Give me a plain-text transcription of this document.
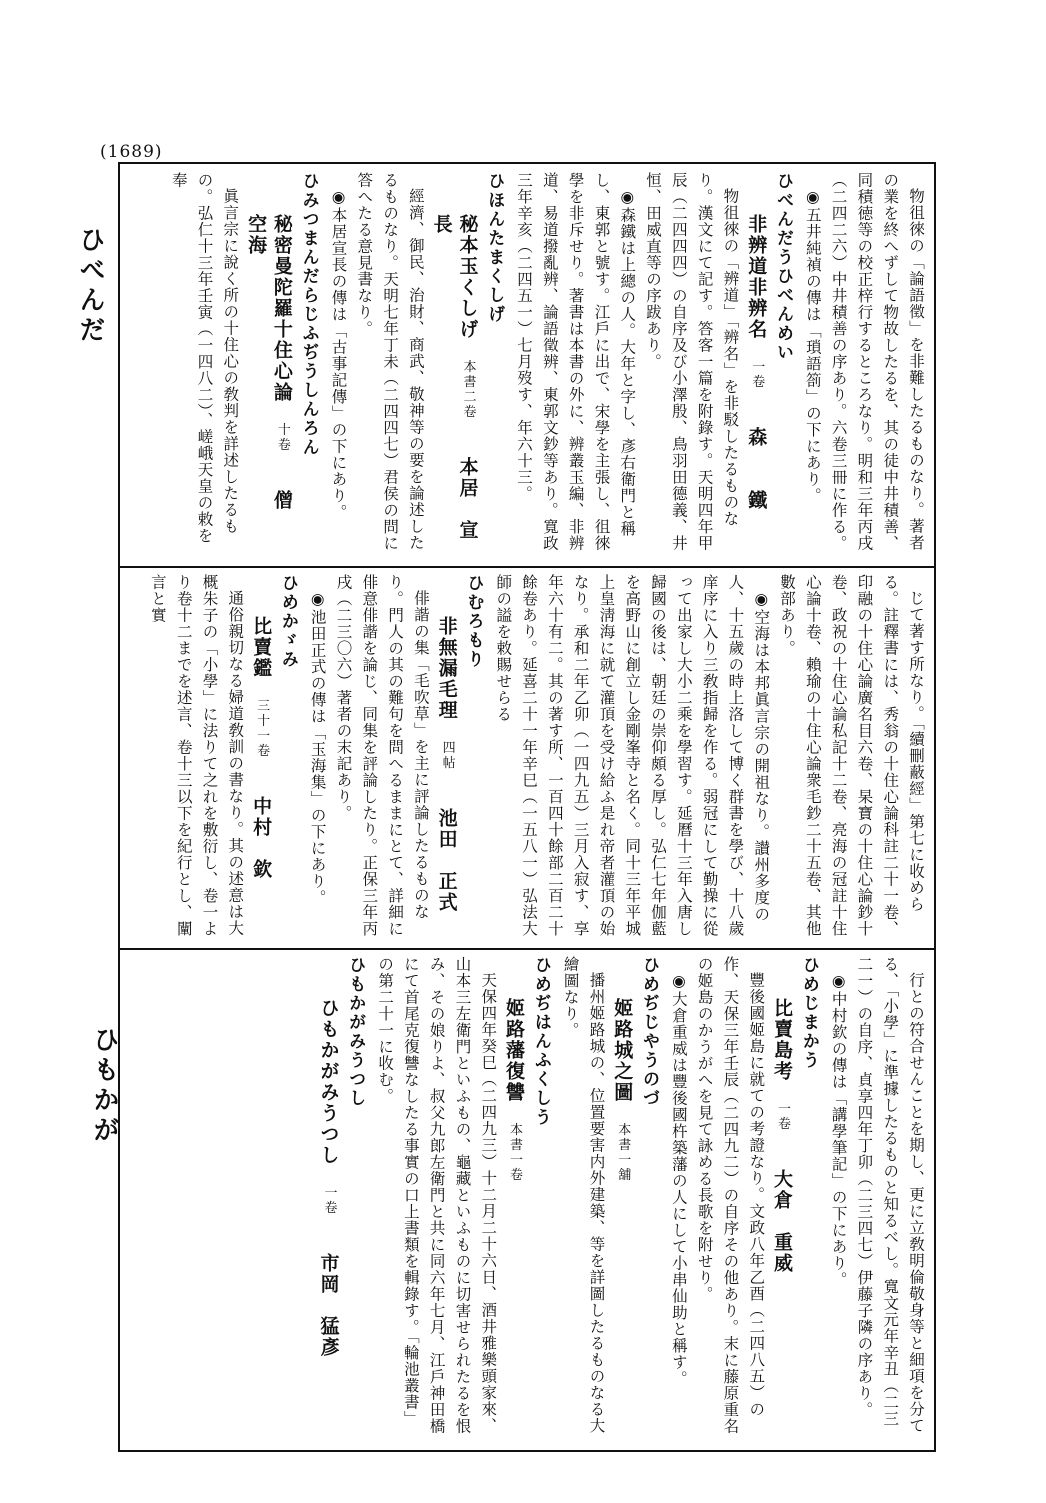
(1689)
ひべんだ
ひもかが
物徂徠の「論語徵」を非難したるものなり。著者の業を終へずして物故したるを、其の徒中井積善、同積徳等の校正梓行するところなり。明和三年丙戌（二四二六）中井積善の序あり。六卷三冊に作る。
◉五井純禎の傳は「瑣語箚」の下にあり。
ひべんだうひべんめい
非辨道非辨名一卷森　　鐵
物徂徠の「辨道」「辨名」を非駁したるものなり。漢文にて記す。答客一篇を附錄す。天明四年甲辰（二四四四）の自序及び小澤殷、鳥羽田德義、井恒、田威直等の序跋あり。
◉森鐵は上總の人。大年と字し、彥右衛門と稱し、東郭と號す。江戶に出で、宋學を主張し、徂徠學を非斥せり。著書は本書の外に、辨叢玉編、非辨道、易道撥亂辨、論語徵辨、東郭文鈔等あり。寬政三年辛亥（二四五一）七月歿す、年六十三。
ひほんたまくしげ
秘本玉くしげ本書二卷本居　宣長
經濟、御民、治財、商武、敬神等の要を論述したるものなり。天明七年丁未（二四四七）君侯の問に答へたる意見書なり。
◉本居宣長の傳は「古事記傳」の下にあり。
ひみつまんだらじふぢうしんろん
秘密曼陀羅十住心論十卷僧　　空海
眞言宗に說く所の十住心の敎判を詳述したるもの。弘仁十三年壬寅（一四八二）、嵯峨天皇の敕を奉
じて著す所なり。「續刪蔽經」第七に收めらる。註釋書には、秀翁の十住心論科註二十一卷、印融の十住心論廣名目六卷、杲寶の十住心論鈔十卷、政祝の十住心論私記十二卷、亮海の冠註十住心論十卷、賴瑜の十住心論衆毛鈔二十五卷、其他數部あり。
◉空海は本邦眞言宗の開祖なり。讃州多度の人、十五歲の時上洛して博く群書を學び、十八歲庠序に入り三敎指歸を作る。弱冠にして勤操に從って出家し大小二乘を學習す。延曆十三年入唐し歸國の後は、朝廷の崇仰頗る厚し。弘仁七年伽藍を高野山に創立し金剛峯寺と名く。同十三年平城上皇淸海に就て灌頂を受け給ふ是れ帝者灌頂の始なり。承和二年乙卯（一四九五）三月入寂す、享年六十有二。其の著す所、一百四十餘部二百二十餘卷あり。延喜二十一年辛巳（一五八一）弘法大師の謚を敕賜せらる
ひむろもり
非無漏毛理四帖池田　正式
俳諧の集「毛吹草」を主に評論したるものなり。門人の其の難句を問へるままにとて、詳細に俳意俳諧を論じ、同集を評論したり。正保三年丙戌（二三〇六）著者の末記あり。
◉池田正式の傳は「玉海集」の下にあり。
ひめかゞみ
比賣鑑三十一卷中村　欽
通俗親切なる婦道敎訓の書なり。其の述意は大概朱子の「小學」に法りて之れを敷衍し、卷一より卷十二までを述言、卷十三以下を紀行とし、闡言と實
行との符合せんことを期し、更に立敎明倫敬身等と細項を分てる、「小學」に準據したるものと知るべし。寬文元年辛丑（二三二一）の自序、貞享四年丁卯（二三四七）伊藤子隣の序あり。
◉中村欽の傳は「講學筆記」の下にあり。
ひめじまかう
比賣島考一卷大倉　重威
豐後國姬島に就ての考證なり。文政八年乙酉（二四八五）の作、天保三年壬辰（二四九二）の自序その他あり。末に藤原重名の姬島のかうがへを見て詠める長歌を附せり。
◉大倉重威は豐後國杵築藩の人にして小串仙助と稱す。
ひめぢじやうのづ
姬路城之圖本書一舖
播州姬路城の、位置要害内外建築、等を詳圖したるものなる大繪圖なり。
ひめぢはんふくしう
姬路藩復讐本書一卷
天保四年癸巳（二四九三）十二月二十六日、酒井雅樂頭家來、山本三左衛門といふもの、龜藏といふものに切害せられたるを恨み、その娘りよ、叔父九郎左衛門と共に同六年七月、江戶神田橋にて首尾克復讐なしたる事實の口上書類を輯錄す。「輪池叢書」の第二十一に收む。
ひもかがみうつし
ひもかがみうつし一卷市岡　猛彥
